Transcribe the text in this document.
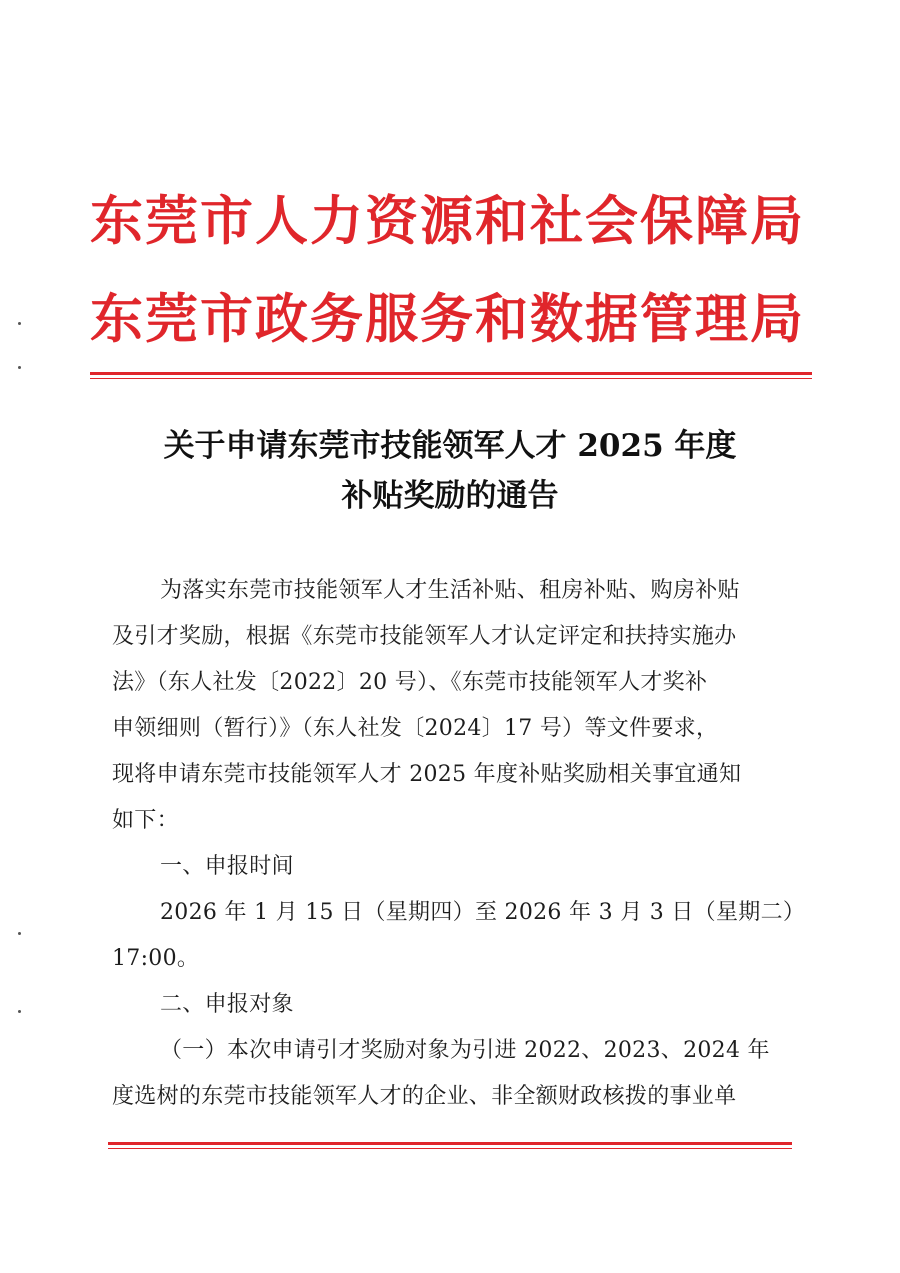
东莞市人力资源和社会保障局
东莞市政务服务和数据管理局
关于申请东莞市技能领军人才 2025 年度
补贴奖励的通告
为落实东莞市技能领军人才生活补贴、租房补贴、购房补贴
及引才奖励，根据《东莞市技能领军人才认定评定和扶持实施办
法》（东人社发〔2022〕20 号）、《东莞市技能领军人才奖补
申领细则（暂行）》（东人社发〔2024〕17 号）等文件要求，
现将申请东莞市技能领军人才 2025 年度补贴奖励相关事宜通知
如下：
一、申报时间
2026 年 1 月 15 日（星期四）至 2026 年 3 月 3 日（星期二）
17:00。
二、申报对象
（一）本次申请引才奖励对象为引进 2022、2023、2024 年
度选树的东莞市技能领军人才的企业、非全额财政核拨的事业单
